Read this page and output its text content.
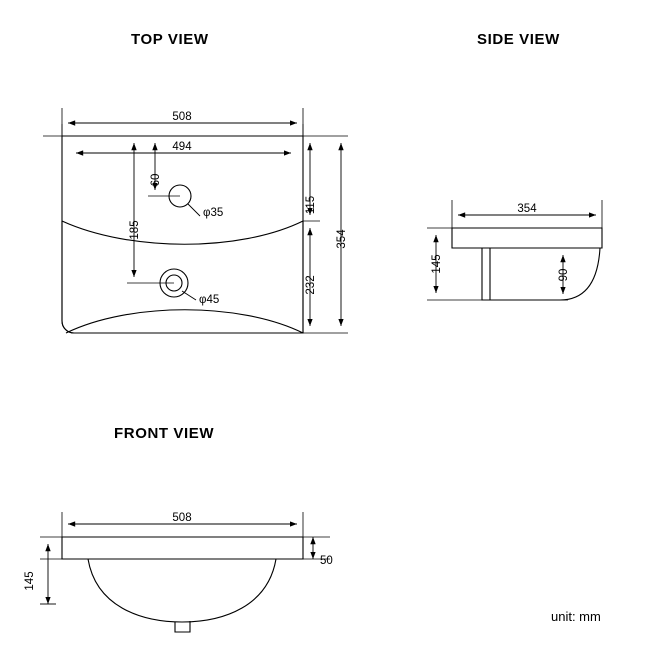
TOP VIEW	SIDE VIEW
FRONT VIEW
unit: mm
508
494
354
115
232
60
185
φ35
φ45
354
145
90
508
145
50
